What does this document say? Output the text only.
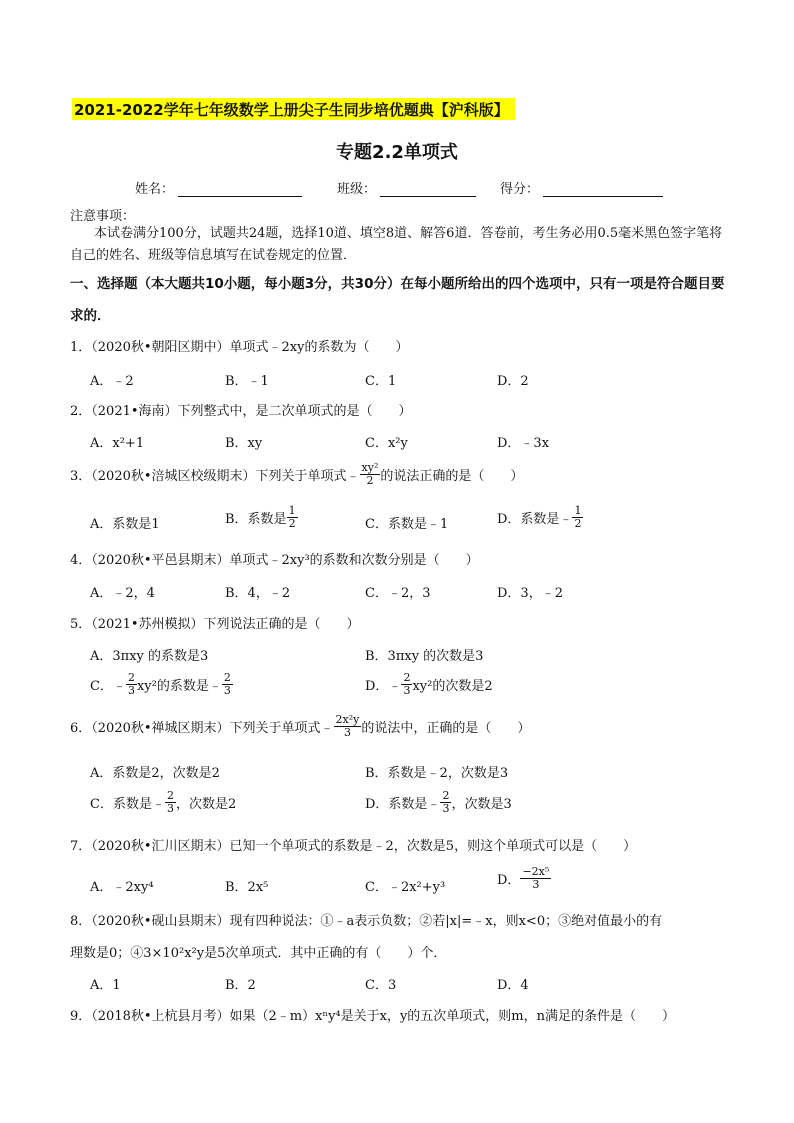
2021-2022学年七年级数学上册尖子生同步培优题典【沪科版】
专题2.2单项式
姓名：	班级：	得分：
注意事项：
本试卷满分100分，试题共24题，选择10道、填空8道、解答6道．答卷前，考生务必用0.5毫米黑色签字笔将自己的姓名、班级等信息填写在试卷规定的位置．
一、选择题（本大题共10小题，每小题3分，共30分）在每小题所给出的四个选项中，只有一项是符合题目要求的．
1．（2020秋•朝阳区期中）单项式﹣2xy的系数为（　　）
A．﹣2	B．﹣1	C．1	D．2
2．（2021•海南）下列整式中，是二次单项式的是（　　）
A．x²+1	B．xy	C．x²y	D．﹣3x
3．（2020秋•涪城区校级期末）下列关于单项式﹣ $\frac{\text{xy²}}{2}$ 的说法正确的是（　　）
A．系数是1	B．系数是 $\frac{1}{2}$	C．系数是﹣1	D．系数是﹣ $\frac{1}{2}$
4．（2020秋•平邑县期末）单项式﹣2xy³的系数和次数分别是（　　）
A．﹣2，4	B．4，﹣2	C．﹣2，3	D．3，﹣2
5．（2021•苏州模拟）下列说法正确的是（　　）
A．3πxy 的系数是3	B．3πxy 的次数是3
C．﹣ $\frac{2}{3} xy^2$的系数是﹣ $\frac{2}{3}$	D．﹣ $\frac{2}{3} xy^2$的次数是2
6．（2020秋•禅城区期末）下列关于单项式﹣ $\frac{\text{2x²y}}{3}$ 的说法中，正确的是（　　）
A．系数是2，次数是2	B．系数是﹣2，次数是3
C．系数是﹣ $\frac{2}{3}$ ，次数是2	D．系数是﹣ $\frac{2}{3}$ ，次数是3
7．（2020秋•汇川区期末）已知一个单项式的系数是﹣2，次数是5，则这个单项式可以是（　　）
A．﹣2xy⁴	B．2x⁵	C．﹣2x²+y³	D． $\frac{\text{−2x⁵}}{3}$
8．（2020秋•砚山县期末）现有四种说法：①﹣a表示负数；②若|x|=﹣x，则x<0；③绝对值最小的有
理数是0；④3×10²x²y是5次单项式．其中正确的有（　　）个．
A．1	B．2	C．3	D．4
9．（2018秋•上杭县月考）如果（2﹣m）xⁿy⁴是关于x，y的五次单项式，则m，n满足的条件是（　　）
